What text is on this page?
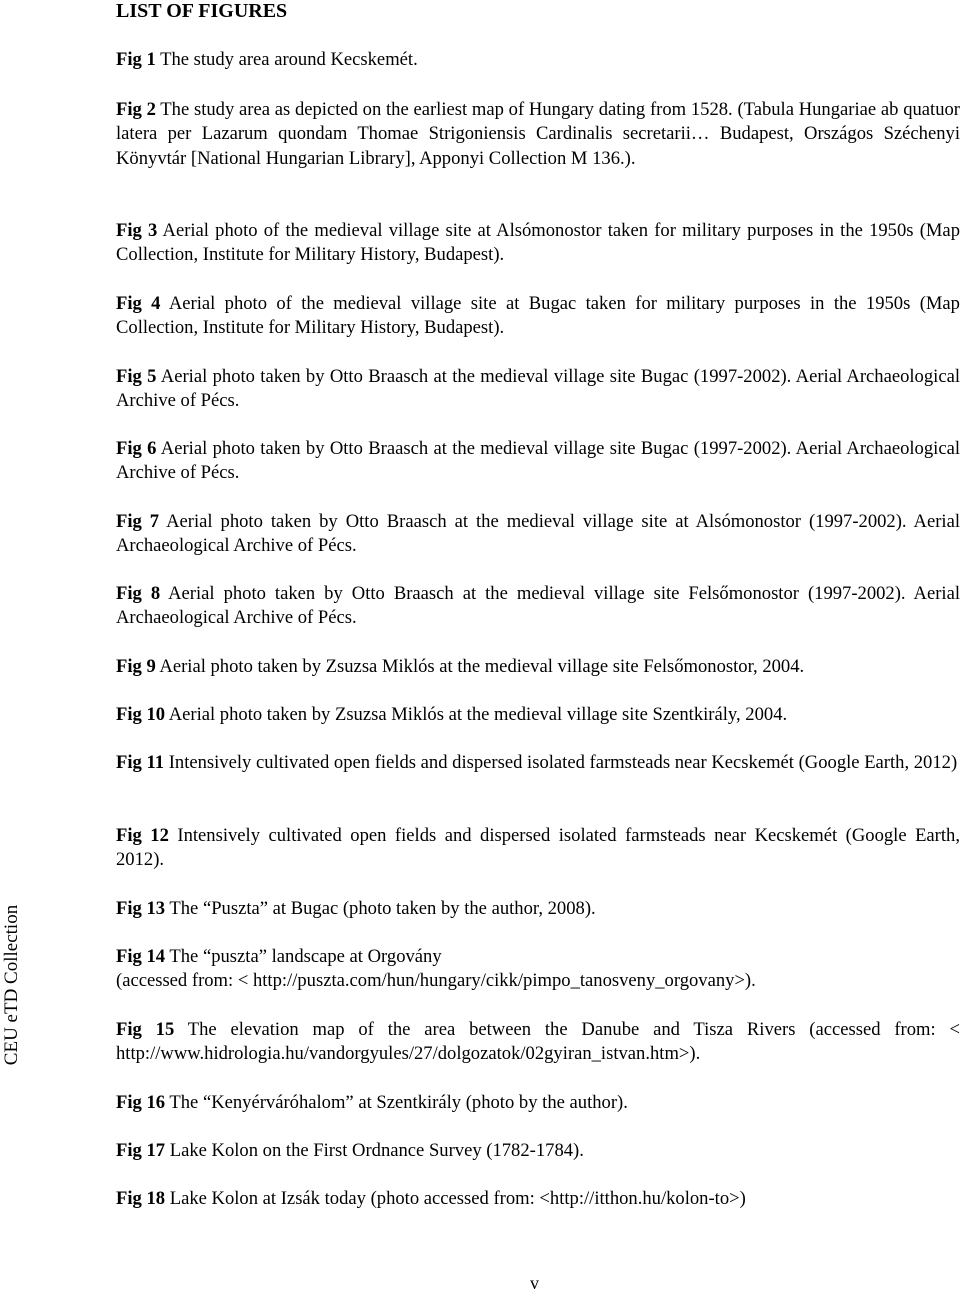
LIST OF FIGURES
Fig 1 The study area around Kecskemét.
Fig 2 The study area as depicted on the earliest map of Hungary dating from 1528. (Tabula Hungariae ab quatuor latera per Lazarum quondam Thomae Strigoniensis Cardinalis secretarii… Budapest, Országos Széchenyi Könyvtár [National Hungarian Library], Apponyi Collection M 136.).
Fig 3 Aerial photo of the medieval village site at Alsómonostor taken for military purposes in the 1950s (Map Collection, Institute for Military History, Budapest).
Fig 4 Aerial photo of the medieval village site at Bugac taken for military purposes in the 1950s (Map Collection, Institute for Military History, Budapest).
Fig 5 Aerial photo taken by Otto Braasch at the medieval village site Bugac (1997-2002). Aerial Archaeological Archive of Pécs.
Fig 6 Aerial photo taken by Otto Braasch at the medieval village site Bugac (1997-2002). Aerial Archaeological Archive of Pécs.
Fig 7 Aerial photo taken by Otto Braasch at the medieval village site at Alsómonostor (1997-2002). Aerial Archaeological Archive of Pécs.
Fig 8 Aerial photo taken by Otto Braasch at the medieval village site Felsőmonostor (1997-2002). Aerial Archaeological Archive of Pécs.
Fig 9 Aerial photo taken by Zsuzsa Miklós at the medieval village site Felsőmonostor, 2004.
Fig 10 Aerial photo taken by Zsuzsa Miklós at the medieval village site Szentkirály, 2004.
Fig 11 Intensively cultivated open fields and dispersed isolated farmsteads near Kecskemét (Google Earth, 2012)
Fig 12 Intensively cultivated open fields and dispersed isolated farmsteads near Kecskemét (Google Earth, 2012).
Fig 13 The “Puszta” at Bugac (photo taken by the author, 2008).
Fig 14 The “puszta” landscape at Orgovány
(accessed from: < http://puszta.com/hun/hungary/cikk/pimpo_tanosveny_orgovany>).
Fig 15 The elevation map of the area between the Danube and Tisza Rivers (accessed from: <
http://www.hidrologia.hu/vandorgyules/27/dolgozatok/02gyiran_istvan.htm>).
Fig 16 The “Kenyérváróhalom” at Szentkirály (photo by the author).
Fig 17 Lake Kolon on the First Ordnance Survey (1782-1784).
Fig 18 Lake Kolon at Izsák today (photo accessed from: <http://itthon.hu/kolon-to>)
CEU eTD Collection
v
